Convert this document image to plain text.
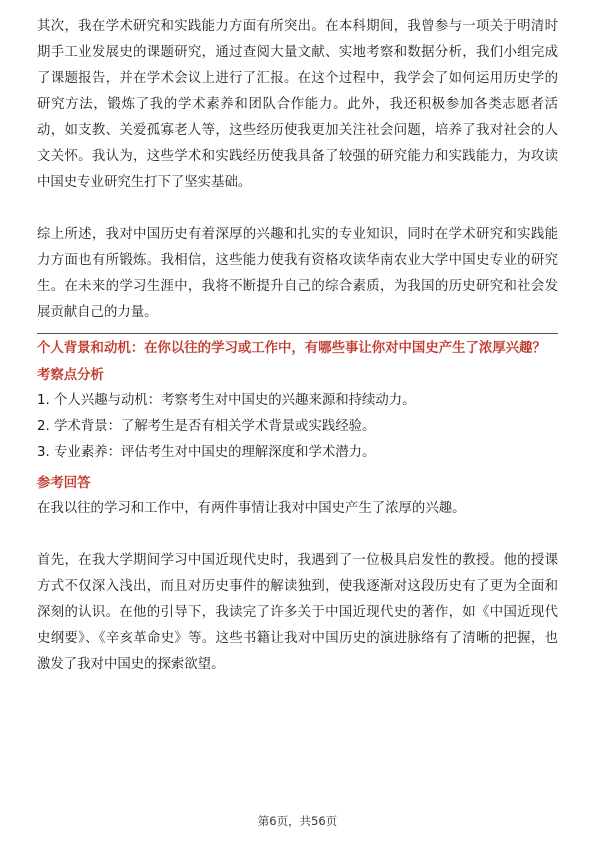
其次，我在学术研究和实践能力方面有所突出。在本科期间，我曾参与一项关于明清时期手工业发展史的课题研究，通过查阅大量文献、实地考察和数据分析，我们小组完成了课题报告，并在学术会议上进行了汇报。在这个过程中，我学会了如何运用历史学的研究方法，锻炼了我的学术素养和团队合作能力。此外，我还积极参加各类志愿者活动，如支教、关爱孤寡老人等，这些经历使我更加关注社会问题，培养了我对社会的人文关怀。我认为，这些学术和实践经历使我具备了较强的研究能力和实践能力，为攻读中国史专业研究生打下了坚实基础。

综上所述，我对中国历史有着深厚的兴趣和扎实的专业知识，同时在学术研究和实践能力方面也有所锻炼。我相信，这些能力使我有资格攻读华南农业大学中国史专业的研究生。在未来的学习生涯中，我将不断提升自己的综合素质，为我国的历史研究和社会发展贡献自己的力量。

个人背景和动机：在你以往的学习或工作中，有哪些事让你对中国史产生了浓厚兴趣？

考察点分析

1. 个人兴趣与动机：考察考生对中国史的兴趣来源和持续动力。

2. 学术背景：了解考生是否有相关学术背景或实践经验。

3. 专业素养：评估考生对中国史的理解深度和学术潜力。

参考回答

在我以往的学习和工作中，有两件事情让我对中国史产生了浓厚的兴趣。

首先，在我大学期间学习中国近现代史时，我遇到了一位极具启发性的教授。他的授课方式不仅深入浅出，而且对历史事件的解读独到，使我逐渐对这段历史有了更为全面和深刻的认识。在他的引导下，我读完了许多关于中国近现代史的著作，如《中国近现代史纲要》、《辛亥革命史》等。这些书籍让我对中国历史的演进脉络有了清晰的把握，也激发了我对中国史的探索欲望。

第6页，共56页
